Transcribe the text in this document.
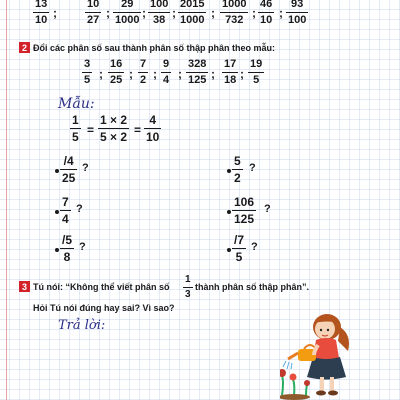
13
10
;
10
27
;
29
1000
;
100
38
;
2015
1000
;
1000
732
;
46
10
;
93
100
2 Đổi các phân số sau thành phân số thập phân theo mẫu:
3
5 ;
16
25 ;
7
2 ;
9
4 ;
328
125 ;
17
18 ;
19
5
Mẫu:
1
5
=
1 × 2
5 × 2
=
4
10
/4
25
?
7
4
?
/5
8
?
5
2
?
106
125
?
/7
5
?
3 Tú nói: “Không thể viết phân số
1
3
thành phân số thập phân”.
Hỏi Tú nói đúng hay sai? Vì sao?
Trả lời:
